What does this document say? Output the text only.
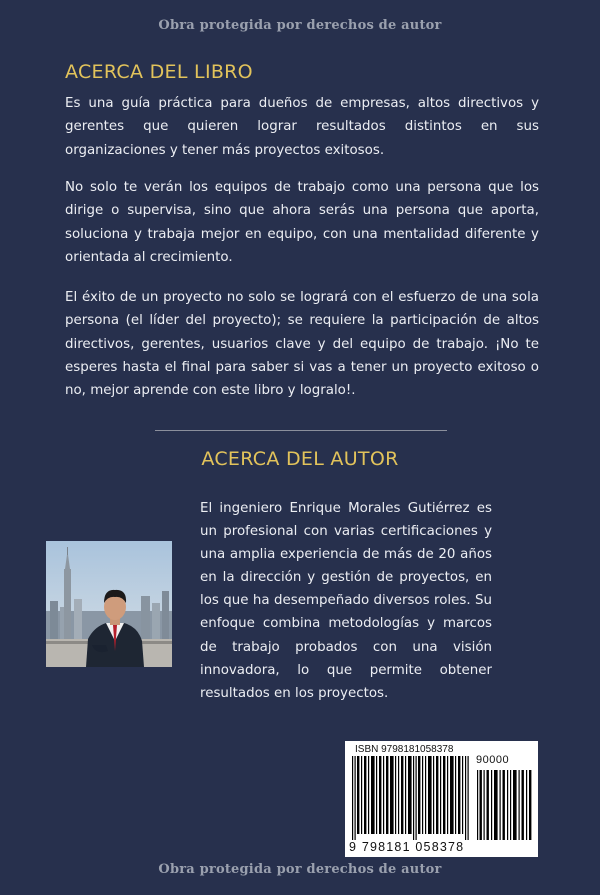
Obra protegida por derechos de autor
ACERCA DEL LIBRO

Es una guía práctica para dueños de empresas, altos directivos y gerentes que quieren lograr resultados distintos en sus organizaciones y tener más proyectos exitosos.

No solo te verán los equipos de trabajo como una persona que los dirige o supervisa, sino que ahora serás una persona que aporta, soluciona y trabaja mejor en equipo, con una mentalidad diferente y orientada al crecimiento.

El éxito de un proyecto no solo se logrará con el esfuerzo de una sola persona (el líder del proyecto); se requiere la participación de altos directivos, gerentes, usuarios clave y del equipo de trabajo. ¡No te esperes hasta el final para saber si vas a tener un proyecto exitoso o no, mejor aprende con este libro y logralo!.

ACERCA DEL AUTOR

El ingeniero Enrique Morales Gutiérrez es un profesional con varias certificaciones y una amplia experiencia de más de 20 años en la dirección y gestión de proyectos, en los que ha desempeñado diversos roles. Su enfoque combina metodologías y marcos de trabajo probados con una visión innovadora, lo que permite obtener resultados en los proyectos.

ISBN 9798181058378
90000
9 798181 058378
Obra protegida por derechos de autor
